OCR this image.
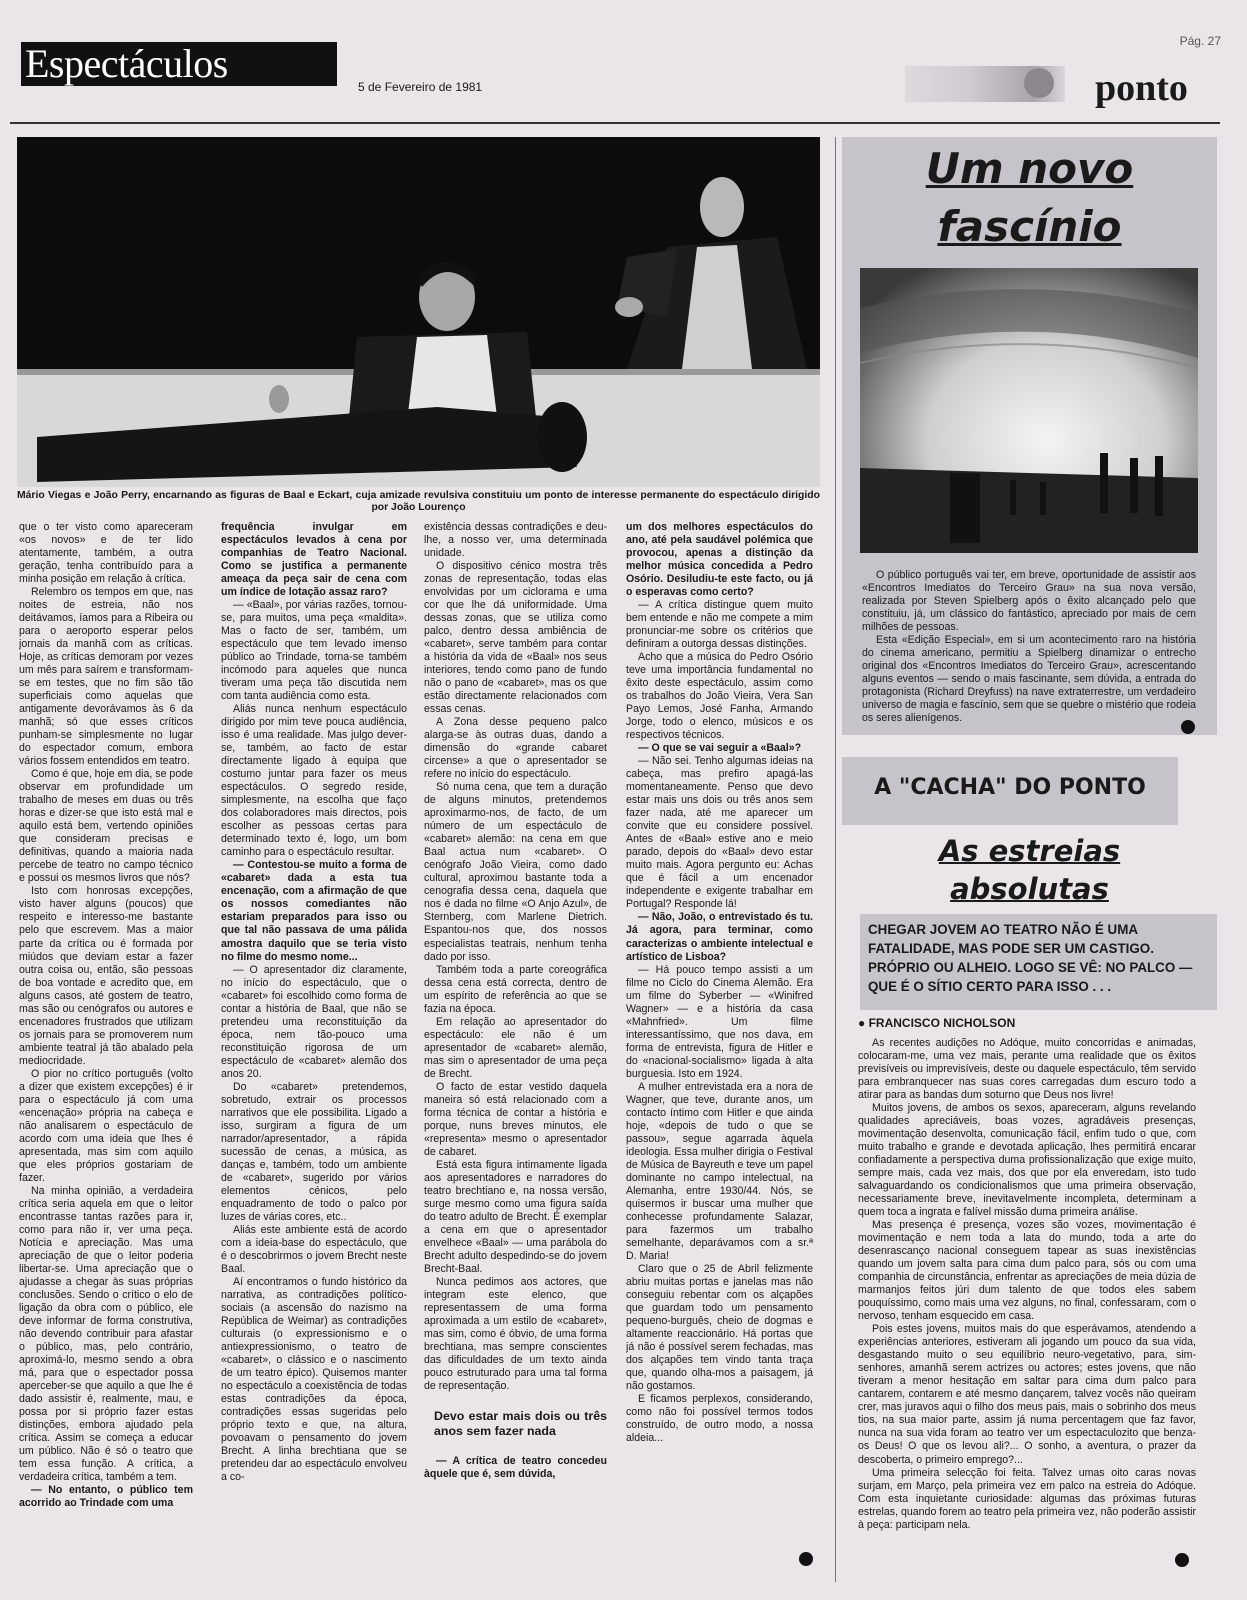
Pág. 27
Espectáculos
5 de Fevereiro de 1981	ponto
Mário Viegas e João Perry, encarnando as figuras de Baal e Eckart, cuja amizade revulsiva constituiu um ponto de interesse permanente do espectáculo dirigido por João Lourenço

que o ter visto como apareceram «os novos» e de ter lido atentamente, também, a outra geração, tenha contribuído para a minha posição em relação à crítica.

Relembro os tempos em que, nas noites de estreia, não nos deitávamos, íamos para a Ribeira ou para o aeroporto esperar pelos jornais da manhã com as críticas. Hoje, as críticas demoram por vezes um mês para saírem e transformam-se em testes, que no fim são tão superficiais como aquelas que antigamente devorávamos às 6 da manhã; só que esses críticos punham-se simplesmente no lugar do espectador comum, embora vários fossem entendidos em teatro.

Como é que, hoje em dia, se pode observar em profundidade um trabalho de meses em duas ou três horas e dizer-se que isto está mal e aquilo está bem, vertendo opiniões que consideram precisas e definitivas, quando a maioria nada percebe de teatro no campo técnico e possui os mesmos livros que nós?

Isto com honrosas excepções, visto haver alguns (poucos) que respeito e interesso-me bastante pelo que escrevem. Mas a maior parte da crítica ou é formada por miúdos que deviam estar a fazer outra coisa ou, então, são pessoas de boa vontade e acredito que, em alguns casos, até gostem de teatro, mas são ou cenógrafos ou autores e encenadores frustrados que utilizam os jornais para se promoverem num ambiente teatral já tão abalado pela mediocridade.

O pior no crítico português (volto a dizer que existem excepções) é ir para o espectáculo já com uma «encenação» própria na cabeça e não analisarem o espectáculo de acordo com uma ideia que lhes é apresentada, mas sim com aquilo que eles próprios gostariam de fazer.

Na minha opinião, a verdadeira crítica seria aquela em que o leitor encontrasse tantas razões para ir, como para não ir, ver uma peça. Notícia e apreciação. Mas uma apreciação de que o leitor poderia libertar-se. Uma apreciação que o ajudasse a chegar às suas próprias conclusões. Sendo o crítico o elo de ligação da obra com o público, ele deve informar de forma construtiva, não devendo contribuir para afastar o público, mas, pelo contrário, aproximá-lo, mesmo sendo a obra má, para que o espectador possa aperceber-se que aquilo a que lhe é dado assistir é, realmente, mau, e possa por si próprio fazer estas distinções, embora ajudado pela crítica. Assim se começa a educar um público. Não é só o teatro que tem essa função. A crítica, a verdadeira crítica, também a tem.

— No entanto, o público tem acorrido ao Trindade com uma

frequência invulgar em espectáculos levados à cena por companhias de Teatro Nacional. Como se justifica a permanente ameaça da peça sair de cena com um índice de lotação assaz raro?

— «Baal», por várias razões, tornou-se, para muitos, uma peça «maldita». Mas o facto de ser, também, um espectáculo que tem levado imenso público ao Trindade, torna-se também incómodo para aqueles que nunca tiveram uma peça tão discutida nem com tanta audiência como esta.

Aliás nunca nenhum espectáculo dirigido por mim teve pouca audiência, isso é uma realidade. Mas julgo dever-se, também, ao facto de estar directamente ligado à equipa que costumo juntar para fazer os meus espectáculos. O segredo reside, simplesmente, na escolha que faço dos colaboradores mais directos, pois escolher as pessoas certas para determinado texto é, logo, um bom caminho para o espectáculo resultar.

— Contestou-se muito a forma de «cabaret» dada a esta tua encenação, com a afirmação de que os nossos comediantes não estariam preparados para isso ou que tal não passava de uma pálida amostra daquilo que se teria visto no filme do mesmo nome...

— O apresentador diz claramente, no início do espectáculo, que o «cabaret» foi escolhido como forma de contar a história de Baal, que não se pretendeu uma reconstituição da época, nem tão-pouco uma reconstituição rigorosa de um espectáculo de «cabaret» alemão dos anos 20.

Do «cabaret» pretendemos, sobretudo, extrair os processos narrativos que ele possibilita. Ligado a isso, surgiram a figura de um narrador/apresentador, a rápida sucessão de cenas, a música, as danças e, também, todo um ambiente de «cabaret», sugerido por vários elementos cénicos, pelo enquadramento de todo o palco por luzes de várias cores, etc..

Aliás este ambiente está de acordo com a ideia-base do espectáculo, que é o descobrirmos o jovem Brecht neste Baal.

Aí encontramos o fundo histórico da narrativa, as contradições político-sociais (a ascensão do nazismo na República de Weimar) as contradições culturais (o expressionismo e o antiexpressionismo, o teatro de «cabaret», o clássico e o nascimento de um teatro épico). Quisemos manter no espectáculo a coexistência de todas estas contradições da época, contradições essas sugeridas pelo próprio texto e que, na altura, povoavam o pensamento do jovem Brecht. A linha brechtiana que se pretendeu dar ao espectáculo envolveu a co-

existência dessas contradições e deu-lhe, a nosso ver, uma determinada unidade.

O dispositivo cénico mostra três zonas de representação, todas elas envolvidas por um ciclorama e uma cor que lhe dá uniformidade. Uma dessas zonas, que se utiliza como palco, dentro dessa ambiência de «cabaret», serve também para contar a história da vida de «Baal» nos seus interiores, tendo como pano de fundo não o pano de «cabaret», mas os que estão directamente relacionados com essas cenas.

A Zona desse pequeno palco alarga-se às outras duas, dando a dimensão do «grande cabaret circense» a que o apresentador se refere no início do espectáculo.

Só numa cena, que tem a duração de alguns minutos, pretendemos aproximarmo-nos, de facto, de um número de um espectáculo de «cabaret» alemão: na cena em que Baal actua num «cabaret». O cenógrafo João Vieira, como dado cultural, aproximou bastante toda a cenografia dessa cena, daquela que nos é dada no filme «O Anjo Azul», de Sternberg, com Marlene Dietrich. Espantou-nos que, dos nossos especialistas teatrais, nenhum tenha dado por isso.

Também toda a parte coreográfica dessa cena está correcta, dentro de um espírito de referência ao que se fazia na época.

Em relação ao apresentador do espectáculo: ele não é um apresentador de «cabaret» alemão, mas sim o apresentador de uma peça de Brecht.

O facto de estar vestido daquela maneira só está relacionado com a forma técnica de contar a história e porque, nuns breves minutos, ele «representa» mesmo o apresentador de cabaret.

Está esta figura intimamente ligada aos apresentadores e narradores do teatro brechtiano e, na nossa versão, surge mesmo como uma figura saída do teatro adulto de Brecht. É exemplar a cena em que o apresentador envelhece «Baal» — uma parábola do Brecht adulto despedindo-se do jovem Brecht-Baal.

Nunca pedimos aos actores, que integram este elenco, que representassem de uma forma aproximada a um estilo de «cabaret», mas sim, como é óbvio, de uma forma brechtiana, mas sempre conscientes das dificuldades de um texto ainda pouco estruturado para uma tal forma de representação.

Devo estar mais dois ou três anos sem fazer nada

— A crítica de teatro concedeu àquele que é, sem dúvida,

um dos melhores espectáculos do ano, até pela saudável polémica que provocou, apenas a distinção da melhor música concedida a Pedro Osório. Desiludiu-te este facto, ou já o esperavas como certo?

— A crítica distingue quem muito bem entende e não me compete a mim pronunciar-me sobre os critérios que definiram a outorga dessas distinções.

Acho que a música do Pedro Osório teve uma importância fundamental no êxito deste espectáculo, assim como os trabalhos do João Vieira, Vera San Payo Lemos, José Fanha, Armando Jorge, todo o elenco, músicos e os respectivos técnicos.

— O que se vai seguir a «Baal»?

— Não sei. Tenho algumas ideias na cabeça, mas prefiro apagá-las momentaneamente. Penso que devo estar mais uns dois ou três anos sem fazer nada, até me aparecer um convite que eu considere possível. Antes de «Baal» estive ano e meio parado, depois do «Baal» devo estar muito mais. Agora pergunto eu: Achas que é fácil a um encenador independente e exigente trabalhar em Portugal? Responde lá!

— Não, João, o entrevistado és tu. Já agora, para terminar, como caracterizas o ambiente intelectual e artístico de Lisboa?

— Há pouco tempo assisti a um filme no Ciclo do Cinema Alemão. Era um filme do Syberber — «Winifred Wagner» — e a história da casa «Mahnfried». Um filme interessantíssimo, que nos dava, em forma de entrevista, figura de Hitler e do «nacional-socialismo» ligada à alta burguesia. Isto em 1924.

A mulher entrevistada era a nora de Wagner, que teve, durante anos, um contacto íntimo com Hitler e que ainda hoje, «depois de tudo o que se passou», segue agarrada àquela ideologia. Essa mulher dirigia o Festival de Música de Bayreuth e teve um papel dominante no campo intelectual, na Alemanha, entre 1930/44. Nós, se quisermos ir buscar uma mulher que conhecesse profundamente Salazar, para fazermos um trabalho semelhante, deparávamos com a sr.ª D. Maria!

Claro que o 25 de Abril felizmente abriu muitas portas e janelas mas não conseguiu rebentar com os alçapões que guardam todo um pensamento pequeno-burguês, cheio de dogmas e altamente reaccionário. Há portas que já não é possível serem fechadas, mas dos alçapões tem vindo tanta traça que, quando olha-mos a paisagem, já não gostamos.

E ficamos perplexos, considerando, como não foi possível termos todos construído, de outro modo, a nossa aldeia...

Um novo
fascínio

O público português vai ter, em breve, oportunidade de assistir aos «Encontros Imediatos do Terceiro Grau» na sua nova versão, realizada por Steven Spielberg após o êxito alcançado pelo que constituiu, já, um clássico do fantástico, apreciado por mais de cem milhões de pessoas.

Esta «Edição Especial», em si um acontecimento raro na história do cinema americano, permitiu a Spielberg dinamizar o entrecho original dos «Encontros Imediatos do Terceiro Grau», acrescentando alguns eventos — sendo o mais fascinante, sem dúvida, a entrada do protagonista (Richard Dreyfuss) na nave extraterrestre, um verdadeiro universo de magia e fascínio, sem que se quebre o mistério que rodeia os seres alienígenos.

A "CACHA" DO PONTO
As estreias
absolutas
CHEGAR JOVEM AO TEATRO NÃO É UMA FATALIDADE, MAS PODE SER UM CASTIGO. PRÓPRIO OU ALHEIO. LOGO SE VÊ: NO PALCO — QUE É O SÍTIO CERTO PARA ISSO . . .
● FRANCISCO NICHOLSON

As recentes audições no Adóque, muito concorridas e animadas, colocaram-me, uma vez mais, perante uma realidade que os êxitos previsíveis ou imprevisíveis, deste ou daquele espectáculo, têm servido para embranquecer nas suas cores carregadas dum escuro todo a atirar para as bandas dum soturno que Deus nos livre!

Muitos jovens, de ambos os sexos, apareceram, alguns revelando qualidades apreciáveis, boas vozes, agradáveis presenças, movimentação desenvolta, comunicação fácil, enfim tudo o que, com muito trabalho e grande e devotada aplicação, lhes permitirá encarar confiadamente a perspectiva duma profissionalização que exige muito, sempre mais, cada vez mais, dos que por ela enveredam, isto tudo salvaguardando os condicionalismos que uma primeira observação, necessariamente breve, inevitavelmente incompleta, determinam a quem toca a ingrata e falível missão duma primeira análise.

Mas presença é presença, vozes são vozes, movimentação é movimentação e nem toda a lata do mundo, toda a arte do desenrascanço nacional conseguem tapear as suas inexistências quando um jovem salta para cima dum palco para, sós ou com uma companhia de circunstância, enfrentar as apreciações de meia dúzia de marmanjos feitos júri dum talento de que todos eles sabem pouquíssimo, como mais uma vez alguns, no final, confessaram, com o nervoso, tenham esquecido em casa.

Pois estes jovens, muitos mais do que esperávamos, atendendo a experiências anteriores, estiveram ali jogando um pouco da sua vida, desgastando muito o seu equilíbrio neuro-vegetativo, para, sim-senhores, amanhã serem actrizes ou actores; estes jovens, que não tiveram a menor hesitação em saltar para cima dum palco para cantarem, contarem e até mesmo dançarem, talvez vocês não queiram crer, mas juravos aqui o filho dos meus pais, mais o sobrinho dos meus tios, na sua maior parte, assim já numa percentagem que faz favor, nunca na sua vida foram ao teatro ver um espectaculozito que benza-os Deus! O que os levou ali?... O sonho, a aventura, o prazer da descoberta, o primeiro emprego?...

Uma primeira selecção foi feita. Talvez umas oito caras novas surjam, em Março, pela primeira vez em palco na estreia do Adóque. Com esta inquietante curiosidade: algumas das próximas futuras estrelas, quando forem ao teatro pela primeira vez, não poderão assistir à peça: participam nela.
